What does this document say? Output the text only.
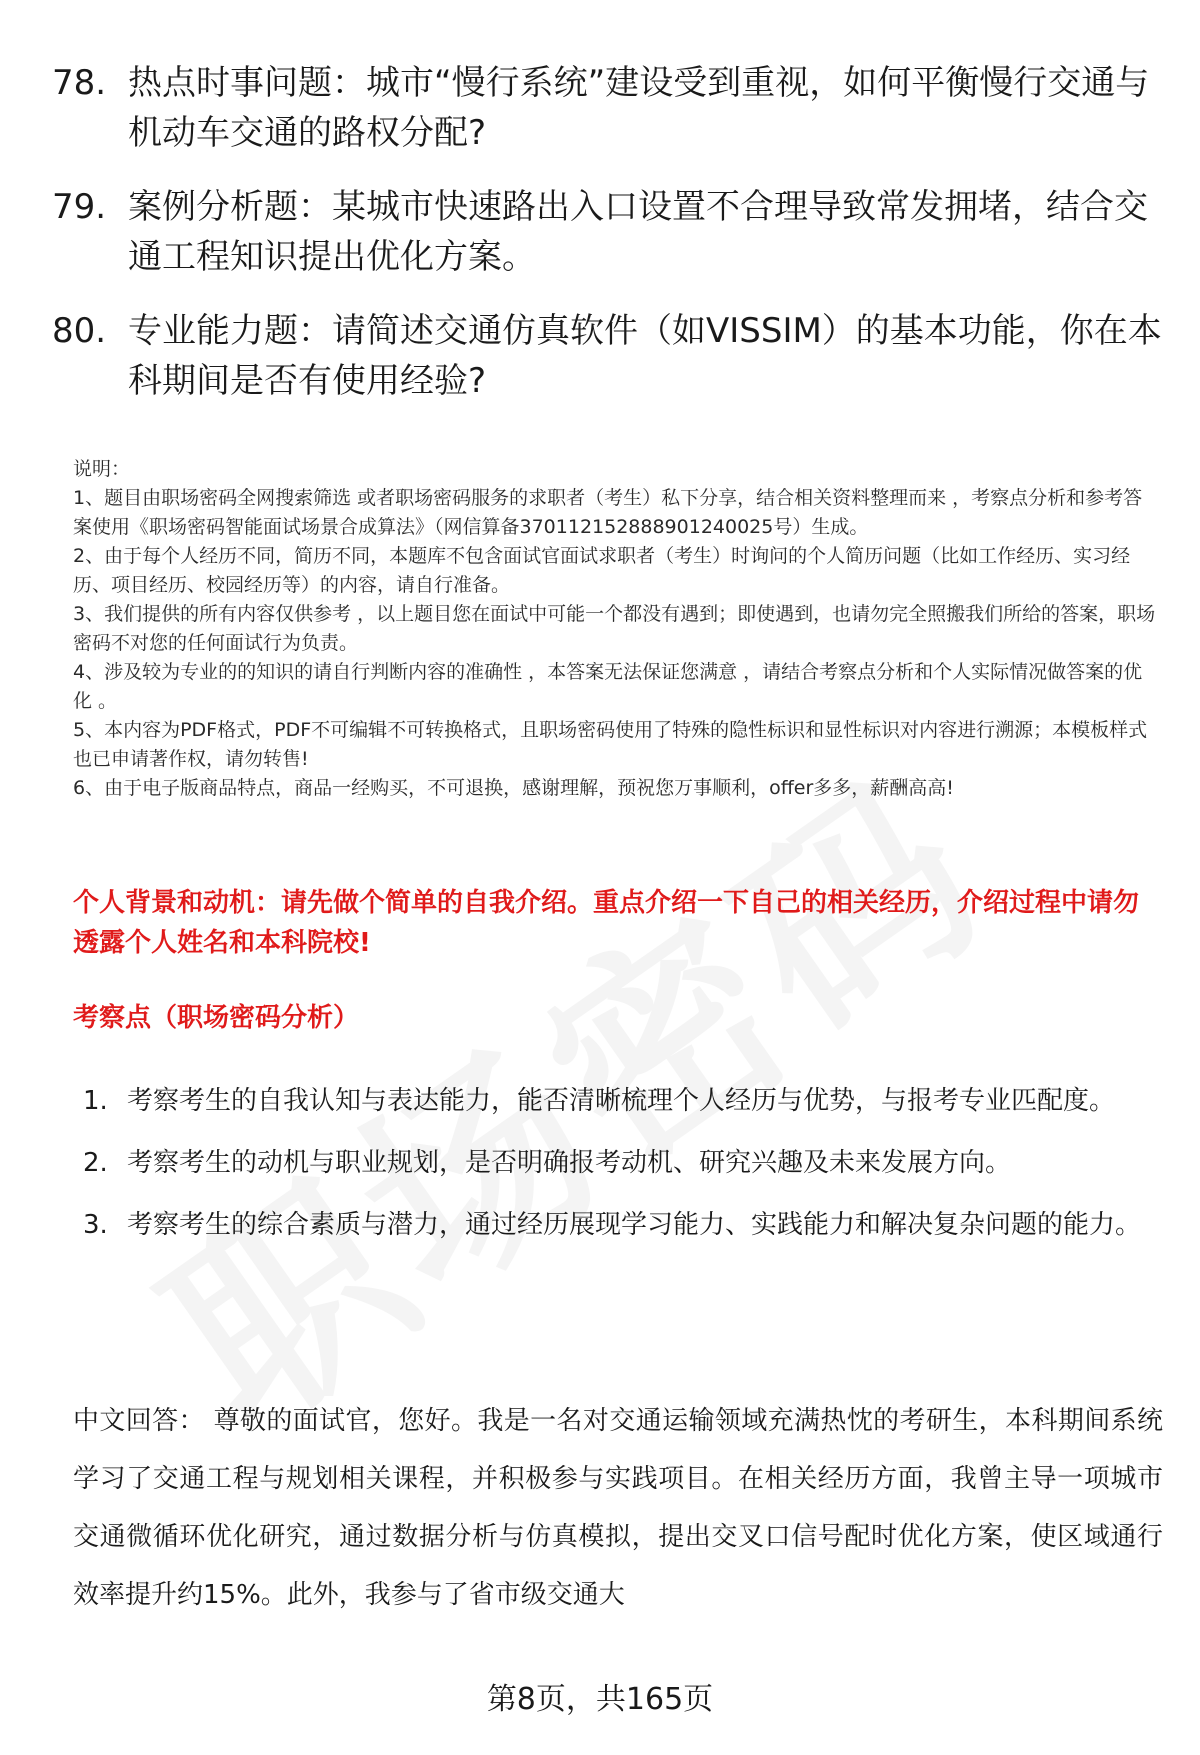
78. 热点时事问题：城市“慢行系统”建设受到重视，如何平衡慢行交通与机动车交通的路权分配?
79. 案例分析题：某城市快速路出入口设置不合理导致常发拥堵，结合交通工程知识提出优化方案。
80. 专业能力题：请简述交通仿真软件（如VISSIM）的基本功能，你在本科期间是否有使用经验?

说明：

1、题目由职场密码全网搜索筛选 或者职场密码服务的求职者（考生）私下分享，结合相关资料整理而来 ，考察点分析和参考答案使用《职场密码智能面试场景合成算法》（网信算备370112152888901240025号）生成。

2、由于每个人经历不同，简历不同，本题库不包含面试官面试求职者（考生）时询问的个人简历问题（比如工作经历、实习经历、项目经历、校园经历等）的内容，请自行准备。

3、我们提供的所有内容仅供参考 ，以上题目您在面试中可能一个都没有遇到；即使遇到，也请勿完全照搬我们所给的答案，职场密码不对您的任何面试行为负责。

4、涉及较为专业的的知识的请自行判断内容的准确性 ，本答案无法保证您满意 ，请结合考察点分析和个人实际情况做答案的优化 。

5、本内容为PDF格式，PDF不可编辑不可转换格式，且职场密码使用了特殊的隐性标识和显性标识对内容进行溯源；本模板样式也已申请著作权，请勿转售!

6、由于电子版商品特点，商品一经购买，不可退换，感谢理解，预祝您万事顺利，offer多多，薪酬高高!

个人背景和动机：请先做个简单的自我介绍。重点介绍一下自己的相关经历，介绍过程中请勿透露个人姓名和本科院校!
考察点（职场密码分析）
1. 考察考生的自我认知与表达能力，能否清晰梳理个人经历与优势，与报考专业匹配度。
2. 考察考生的动机与职业规划，是否明确报考动机、研究兴趣及未来发展方向。
3. 考察考生的综合素质与潜力，通过经历展现学习能力、实践能力和解决复杂问题的能力。
中文回答： 尊敬的面试官，您好。我是一名对交通运输领域充满热忱的考研生，本科期间系统学习了交通工程与规划相关课程，并积极参与实践项目。在相关经历方面，我曾主导一项城市交通微循环优化研究，通过数据分析与仿真模拟，提出交叉口信号配时优化方案，使区域通行效率提升约15%。此外，我参与了省市级交通大
第8页，共165页
